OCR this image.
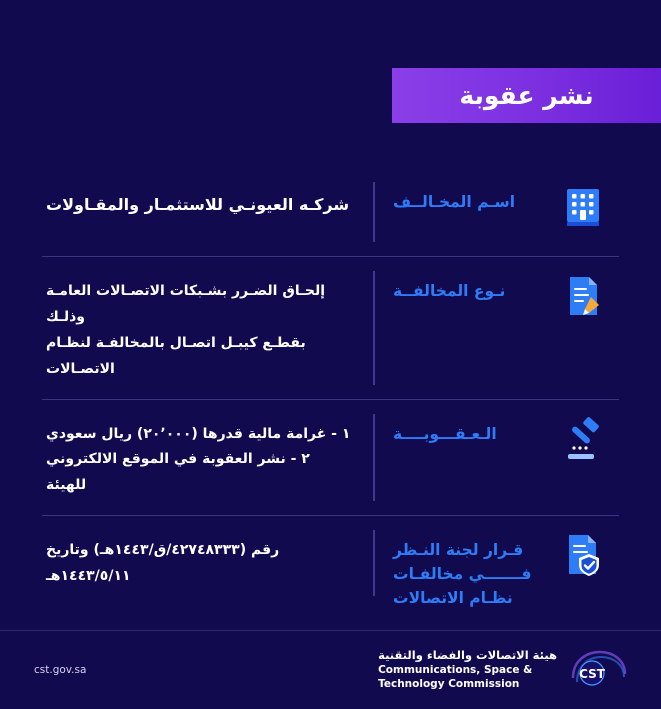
نشر عقوبة
اسـم المخـالــف
شركـه العيونـي للاستثمـار والمقـاولات
نـوع المخالفــة
إلحـاق الضـرر بشـبكات الاتصـالات العامـة وذلـك
بقطـع كيبـل اتصـال بالمخالفـة لنظـام الاتصـالات
الـعـقـــوبــــة
١ - غرامة مالية قدرها (٢٠٬٠٠٠) ريال سعودي
٢ - نشر العقوبة في الموقع الالكتروني للهيئة
قـرار لجنة النـظر
فـــــــي مخالفـات
نظـام الاتصالات
رقم (٤٢٧٤٨٣٣٣/ق/١٤٤٣هـ) وتاريخ ١٤٤٣/٥/١١هـ
CST
هيئة الاتصالات والفضاء والتقنية
Communications, Space &
Technology Commission
cst.gov.sa
